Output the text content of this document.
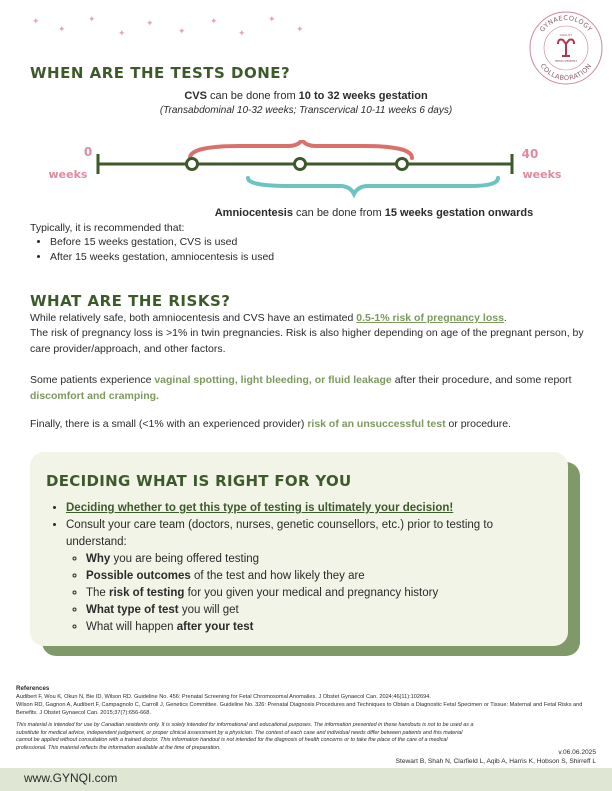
✦
✦
✦
✦
✦
✦
✦
✦
✦
✦	GYNAECOLOGY
COLLABORATION
QUALITY
IMPROVEMENT
WHEN ARE THE TESTS DONE?
CVS can be done from 10 to 32 weeks gestation
(Transabdominal 10-32 weeks; Transcervical 10-11 weeks 6 days)
0
weeks
40
weeks
Amniocentesis can be done from 15 weeks gestation onwards
Typically, it is recommended that:
• Before 15 weeks gestation, CVS is used
• After 15 weeks gestation, amniocentesis is used
WHAT ARE THE RISKS?
While relatively safe, both amniocentesis and CVS have an estimated 0.5-1% risk of pregnancy loss.
The risk of pregnancy loss is >1% in twin pregnancies. Risk is also higher depending on age of the pregnant person, by care provider/approach, and other factors.
Some patients experience vaginal spotting, light bleeding, or fluid leakage after their procedure, and some report discomfort and cramping.
Finally, there is a small (<1% with an experienced provider) risk of an unsuccessful test or procedure.
DECIDING WHAT IS RIGHT FOR YOU
• Deciding whether to get this type of testing is ultimately your decision!
• Consult your care team (doctors, nurses, genetic counsellors, etc.) prior to testing to understand:
◦ Why you are being offered testing
◦ Possible outcomes of the test and how likely they are
◦ The risk of testing for you given your medical and pregnancy history
◦ What type of test you will get
◦ What will happen after your test
References
Audibert F, Wou K, Okun N, Bie ID, Wilson RD. Guideline No. 456: Prenatal Screening for Fetal Chromosomal Anomalies. J Obstet Gynaecol Can. 2024;46(11):102694.
Wilson RD, Gagnon A, Audibert F, Campagnolo C, Carroll J, Genetics Committee. Guideline No. 326: Prenatal Diagnosis Procedures and Techniques to Obtain a Diagnostic Fetal Specimen or Tissue: Maternal and Fetal Risks and Benefits. J Obstet Gynaecol Can. 2015;37(7):656-668.
This material is intended for use by Canadian residents only. It is solely intended for informational and educational purposes. The information presented in these handouts is not to be used as a substitute for medical advice, independent judgement, or proper clinical assessment by a physician. The context of each case and individual needs differ between patients and this material cannot be applied without consultation with a trained doctor. This information handout is not intended for the diagnosis of health concerns or to take the place of the care of a medical professional. This material reflects the information available at the time of preparation.
v.06.06.2025
Stewart B, Shah N, Clarfield L, Aqib A, Harris K, Hobson S, Shirreff L
www.GYNQI.com
